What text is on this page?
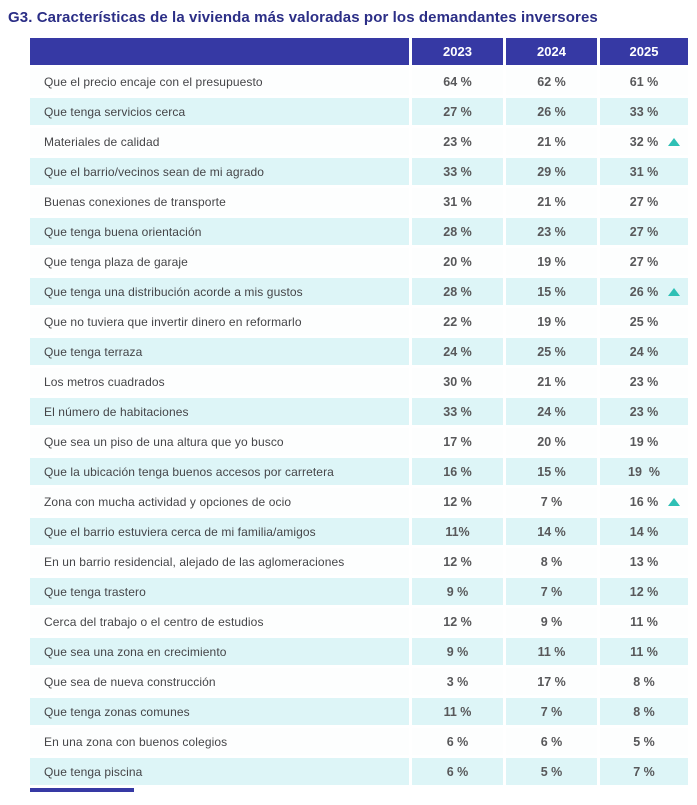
G3. Características de la vivienda más valoradas por los demandantes inversores
2023	2024	2025
Que el precio encaje con el presupuesto	64 %	62 %	61 %
Que tenga servicios cerca	27 %	26 %	33 %
Materiales de calidad	23 %	21 %	32 %
Que el barrio/vecinos sean de mi agrado	33 %	29 %	31 %
Buenas conexiones de transporte	31 %	21 %	27 %
Que tenga buena orientación	28 %	23 %	27 %
Que tenga plaza de garaje	20 %	19 %	27 %
Que tenga una distribución acorde a mis gustos	28 %	15 %	26 %
Que no tuviera que invertir dinero en reformarlo	22 %	19 %	25 %
Que tenga terraza	24 %	25 %	24 %
Los metros cuadrados	30 %	21 %	23 %
El número de habitaciones	33 %	24 %	23 %
Que sea un piso de una altura que yo busco	17 %	20 %	19 %
Que la ubicación tenga buenos accesos por carretera	16 %	15 %	19  %
Zona con mucha actividad y opciones de ocio	12 %	7 %	16 %
Que el barrio estuviera cerca de mi familia/amigos	11%	14 %	14 %
En un barrio residencial, alejado de las aglomeraciones	12 %	8 %	13 %
Que tenga trastero	9 %	7 %	12 %
Cerca del trabajo o el centro de estudios	12 %	9 %	11 %
Que sea una zona en crecimiento	9 %	11 %	11 %
Que sea de nueva construcción	3 %	17 %	8 %
Que tenga zonas comunes	11 %	7 %	8 %
En una zona con buenos colegios	6 %	6 %	5 %
Que tenga piscina	6 %	5 %	7 %
